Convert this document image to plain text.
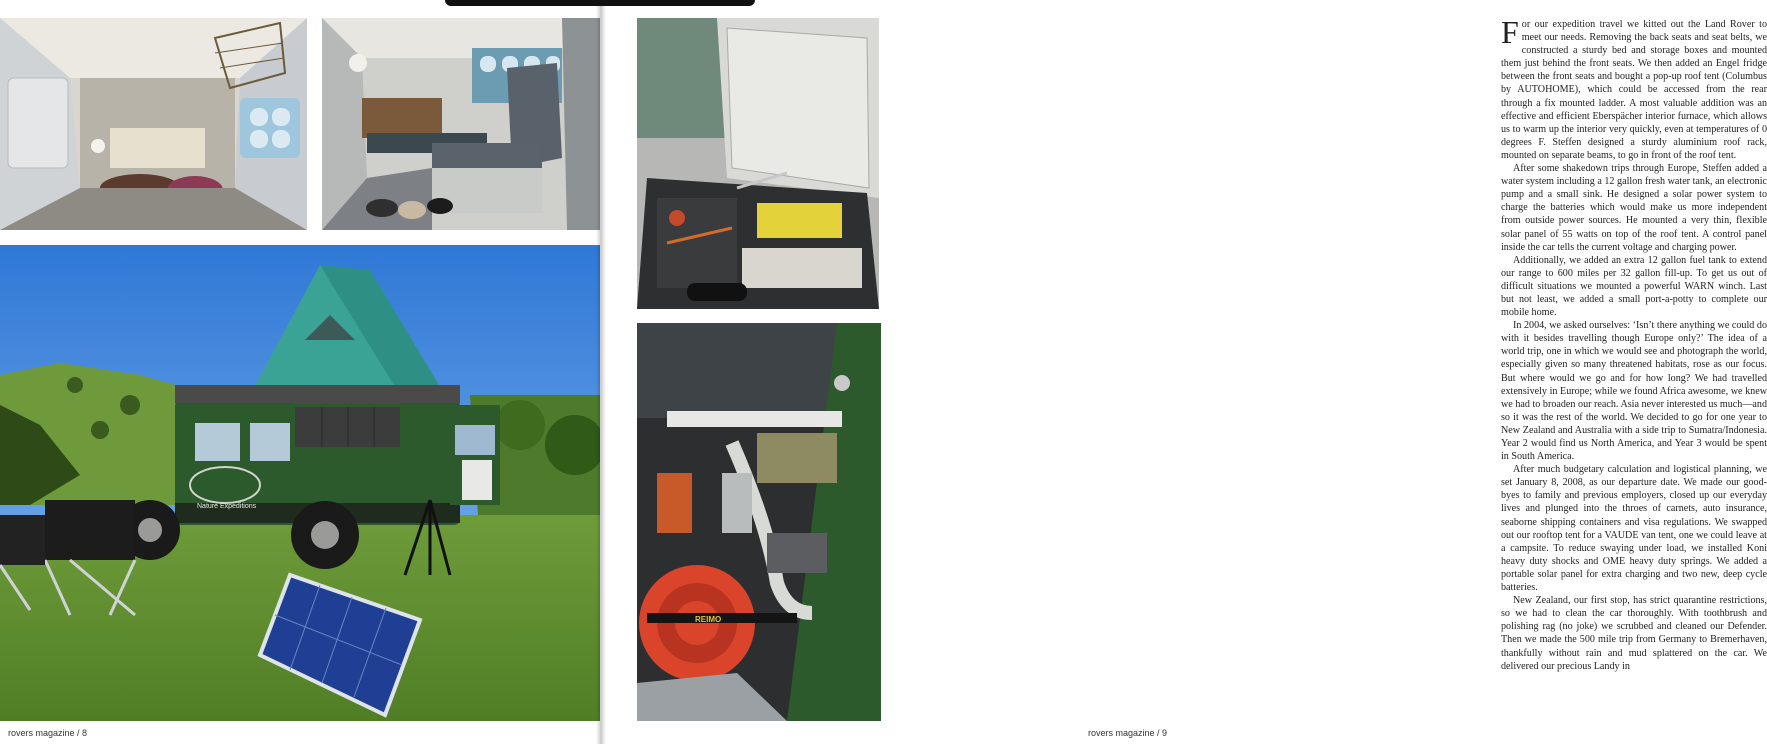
Nature Expeditions
rovers magazine / 8
REIMO

For our expedition travel we kitted out the Land Rover to meet our needs. Removing the back seats and seat belts, we constructed a sturdy bed and storage boxes and mounted them just behind the front seats. We then added an Engel fridge between the front seats and bought a pop-up roof tent (Columbus by AUTOHOME), which could be accessed from the rear through a fix mounted ladder. A most valuable addition was an effective and efficient Eberspächer interior furnace, which allows us to warm up the interior very quickly, even at temperatures of 0 degrees F. Steffen designed a sturdy aluminium roof rack, mounted on separate beams, to go in front of the roof tent.

After some shakedown trips through Europe, Steffen added a water system including a 12 gallon fresh water tank, an electronic pump and a small sink. He designed a solar power system to charge the batteries which would make us more independent from outside power sources. He mounted a very thin, flexible solar panel of 55 watts on top of the roof tent. A control panel inside the car tells the current voltage and charging power.

Additionally, we added an extra 12 gallon fuel tank to extend our range to 600 miles per 32 gallon fill-up. To get us out of difficult situations we mounted a powerful WARN winch. Last but not least, we added a small port-a-potty to complete our mobile home.

In 2004, we asked ourselves: ‘Isn’t there anything we could do with it besides travelling though Europe only?’ The idea of a world trip, one in which we would see and photograph the world, especially given so many threatened habitats, rose as our focus. But where would we go and for how long? We had travelled extensively in Europe; while we found Africa awesome, we knew we had to broaden our reach. Asia never interested us much—and so it was the rest of the world. We decided to go for one year to New Zealand and Australia with a side trip to Sumatra/Indonesia. Year 2 would find us North America, and Year 3 would be spent in South America.

After much budgetary calculation and logistical planning, we set January 8, 2008, as our departure date. We made our good-byes to family and previous employers, closed up our everyday lives and plunged into the throes of carnets, auto insurance, seaborne shipping containers and visa regulations. We swapped out our rooftop tent for a VAUDE van tent, one we could leave at a campsite. To reduce swaying under load, we installed Koni heavy duty shocks and OME heavy duty springs. We added a portable solar panel for extra charging and two new, deep cycle batteries.

New Zealand, our first stop, has strict quarantine restrictions, so we had to clean the car thoroughly. With toothbrush and polishing rag (no joke) we scrubbed and cleaned our Defender. Then we made the 500 mile trip from Germany to Bremerhaven, thankfully without rain and mud splattered on the car. We delivered our precious Landy in

rovers magazine / 9
